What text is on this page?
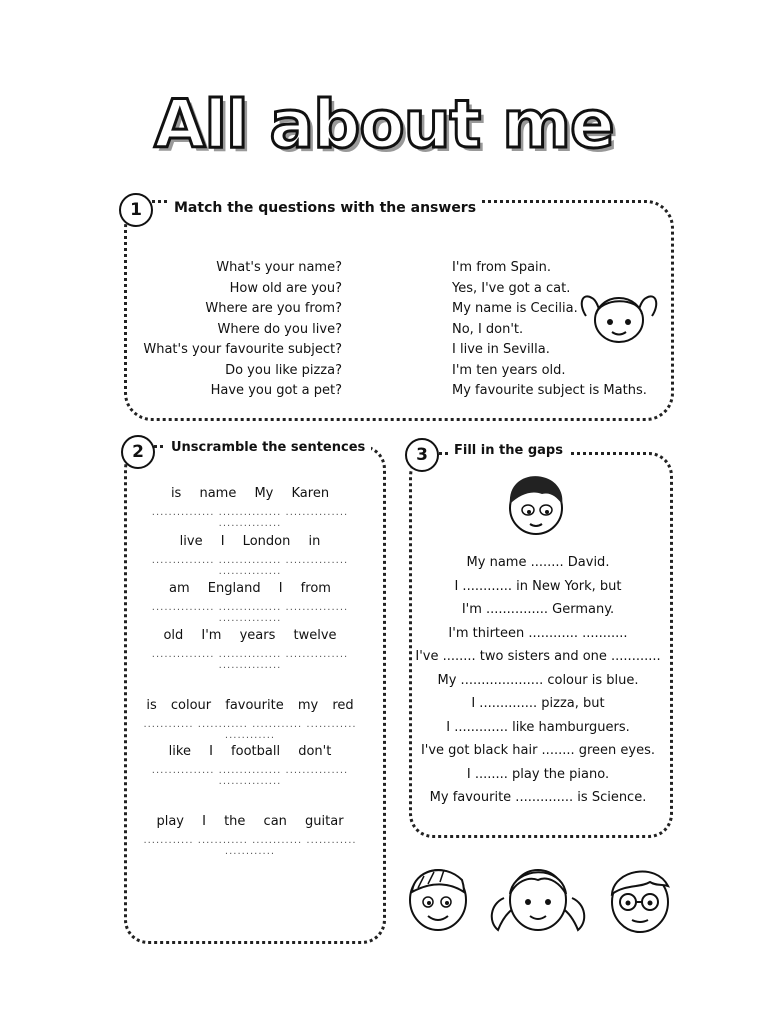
All about me
1	Match the questions with the answers
What's your name?
How old are you?
Where are you from?
Where do you live?
What's your favourite subject?
Do you like pizza?
Have you got a pet?
I'm from Spain.
Yes, I've got a cat.
My name is Cecilia.
No, I don't.
I live in Sevilla.
I'm ten years old.
My favourite subject is Maths.
2	Unscramble the sentences
is name My Karen
............... ............... ............... ...............
live I London in
............... ............... ............... ...............
am England I from
............... ............... ............... ...............
old I'm years twelve
............... ............... ............... ...............
is colour favourite my red
............ ............ ............ ............ ............
like I football don't
............... ............... ............... ...............
play I the can guitar
............ ............ ............ ............ ............
3	Fill in the gaps
My name ........ David.
I ............ in New York, but
I'm ............... Germany.
I'm thirteen ............ ...........
I've ........ two sisters and one ............
My .................... colour is blue.
I .............. pizza, but
I ............. like hamburguers.
I've got black hair ........ green eyes.
I ........ play the piano.
My favourite .............. is Science.
